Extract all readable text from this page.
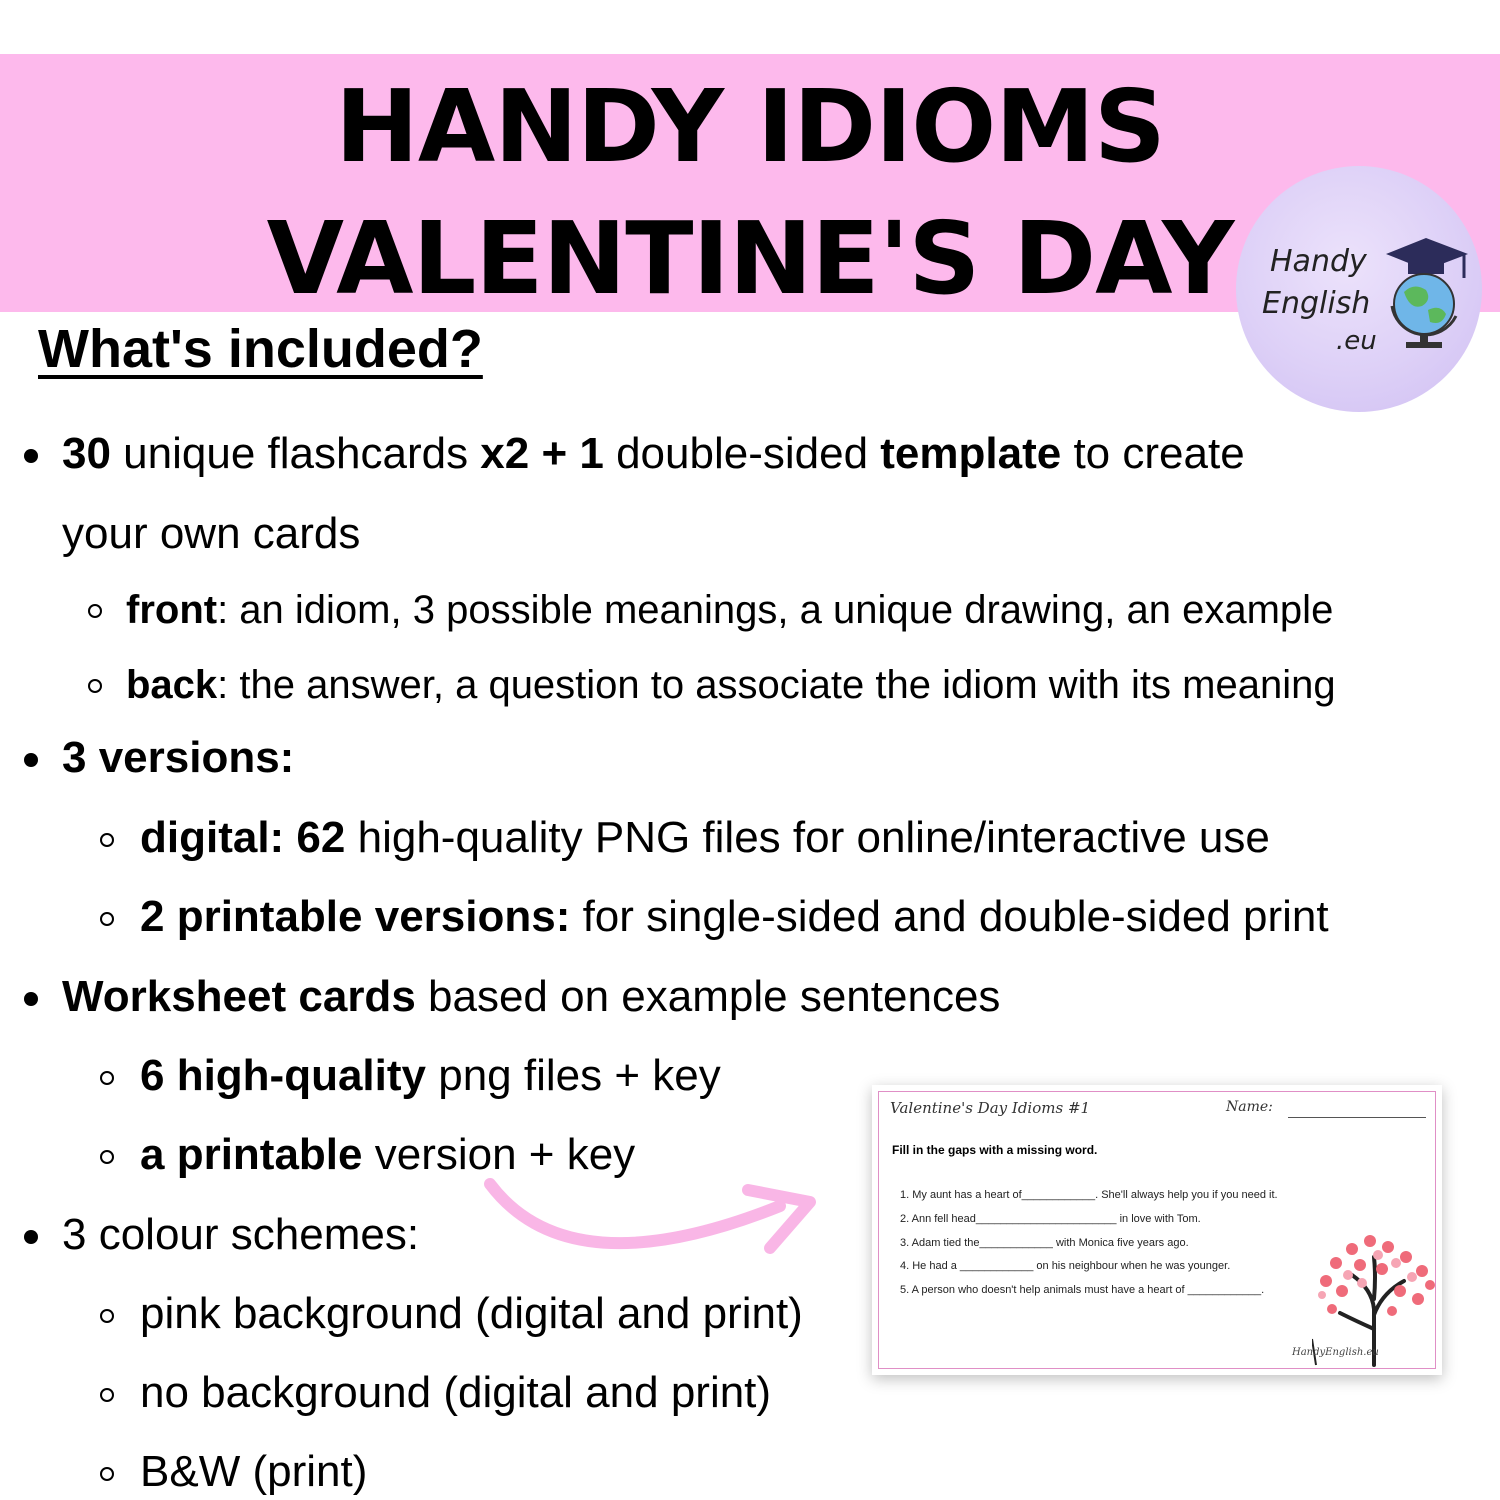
HANDY IDIOMS
VALENTINE'S DAY	Handy
English
.eu
What's included?
30 unique flashcards x2 + 1 double-sided template to create
your own cards
front: an idiom, 3 possible meanings, a unique drawing, an example
back: the answer, a question to associate the idiom with its meaning
3 versions:
digital: 62 high-quality PNG files for online/interactive use
2 printable versions: for single-sided and double-sided print
Worksheet cards based on example sentences
6 high-quality png files + key
a printable version + key
3 colour schemes:
pink background (digital and print)
no background (digital and print)
B&W (print)
Valentine's Day Idioms #1	Name:
Fill in the gaps with a missing word.
1. My aunt has a heart of____________. She'll always help you if you need it.
2. Ann fell head_______________________ in love with Tom.
3. Adam tied the____________ with Monica five years ago.
4. He had a ____________ on his neighbour when he was younger.
5. A person who doesn't help animals must have a heart of ____________.
HandyEnglish.eu
